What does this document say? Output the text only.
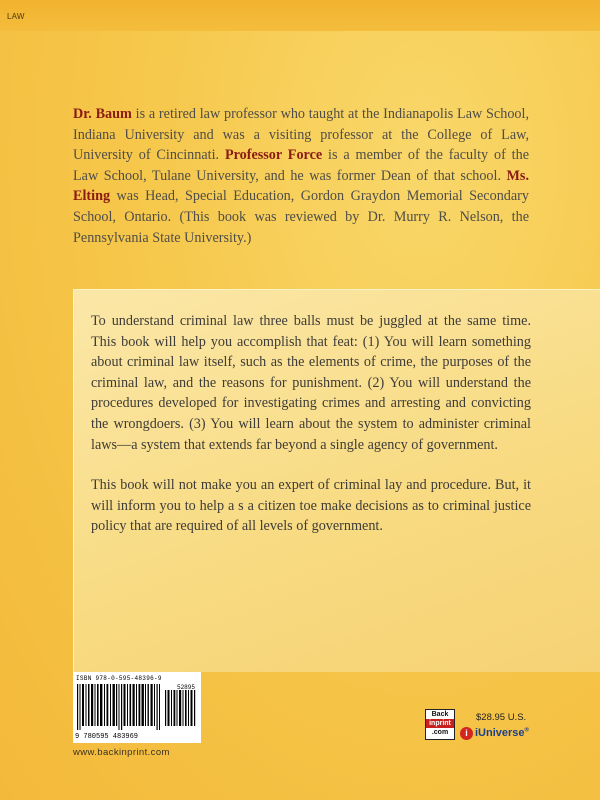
LAW
Dr. Baum is a retired law professor who taught at the Indianapolis Law School, Indiana University and was a visiting professor at the College of Law, University of Cincinnati. Professor Force is a member of the faculty of the Law School, Tulane University, and he was former Dean of that school. Ms. Elting was Head, Special Education, Gordon Graydon Memorial Secondary School, Ontario. (This book was reviewed by Dr. Murry R. Nelson, the Pennsylvania State University.)

To understand criminal law three balls must be juggled at the same time. This book will help you accomplish that feat: (1) You will learn something about criminal law itself, such as the elements of crime, the purposes of the criminal law, and the reasons for punishment. (2) You will understand the procedures developed for investigating crimes and arresting and convicting the wrongdoers. (3) You will learn about the system to administer criminal laws—a system that extends far beyond a single agency of government.

This book will not make you an expert of criminal lay and procedure. But, it will inform you to help a s a citizen toe make decisions as to criminal justice policy that are required of all levels of government.

ISBN 978-0-595-48396-9
52895
9 780595 483969
www.backinprint.com
Back
inprint
.com
$28.95 U.S.
i iUniverse®
